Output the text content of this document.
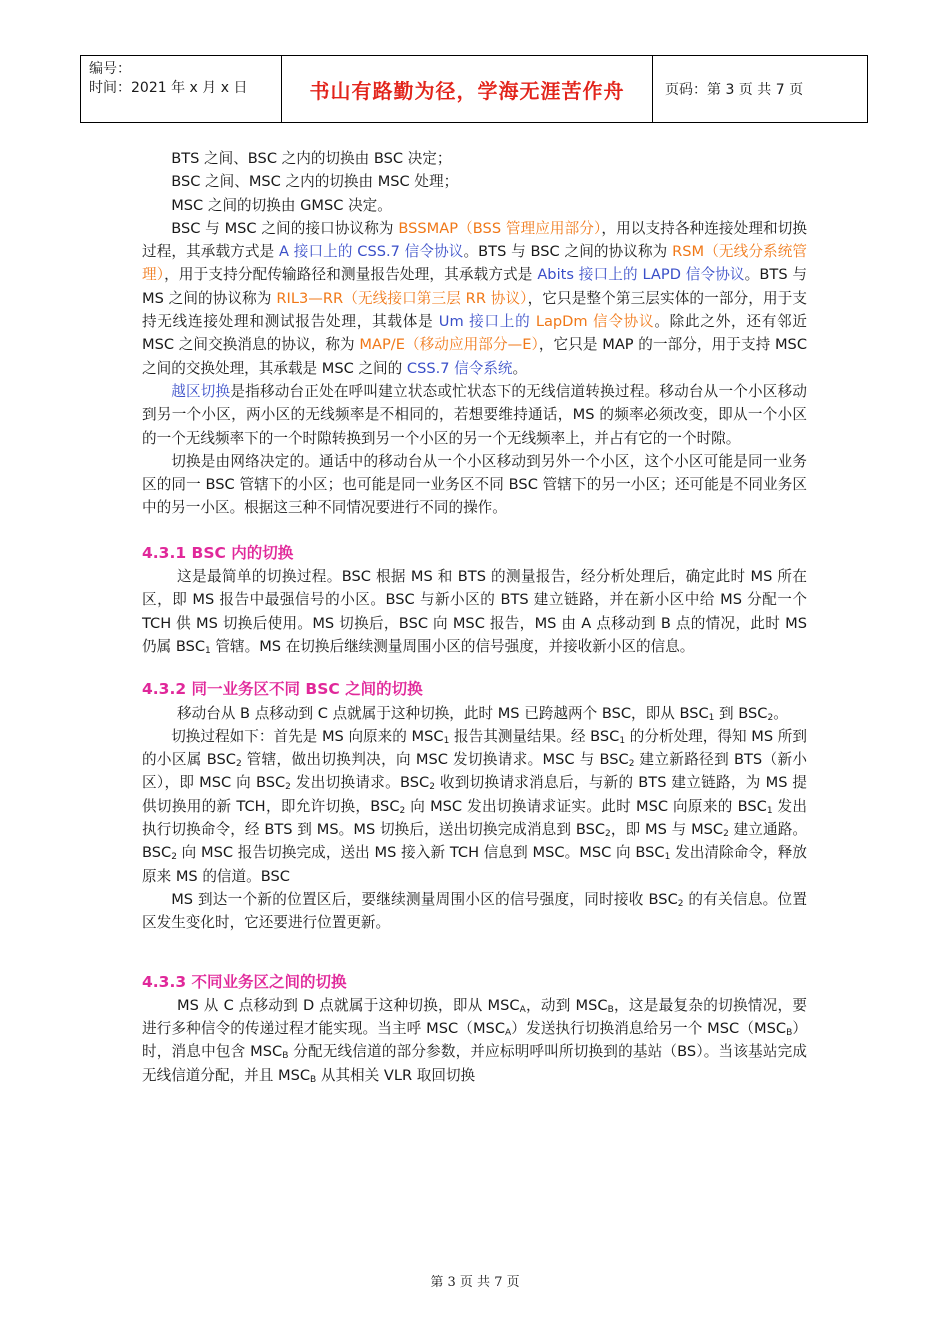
编号：
时间：2021 年 x 月 x 日	书山有路勤为径，学海无涯苦作舟	页码：第 3 页 共 7 页

BTS 之间、BSC 之内的切换由 BSC 决定；

BSC 之间、MSC 之内的切换由 MSC 处理；

MSC 之间的切换由 GMSC 决定。

BSC 与 MSC 之间的接口协议称为 BSSMAP（BSS 管理应用部分），用以支持各种连接处理和切换过程，其承载方式是 A 接口上的 CSS.7 信令协议。BTS 与 BSC 之间的协议称为 RSM（无线分系统管理），用于支持分配传输路径和测量报告处理，其承载方式是 Abits 接口上的 LAPD 信令协议。BTS 与 MS 之间的协议称为 RIL3—RR（无线接口第三层 RR 协议），它只是整个第三层实体的一部分，用于支持无线连接处理和测试报告处理，其载体是 Um 接口上的 LapDm 信令协议。除此之外，还有邻近 MSC 之间交换消息的协议，称为 MAP/E（移动应用部分—E），它只是 MAP 的一部分，用于支持 MSC 之间的交换处理，其承载是 MSC 之间的 CSS.7 信令系统。

越区切换是指移动台正处在呼叫建立状态或忙状态下的无线信道转换过程。移动台从一个小区移动到另一个小区，两小区的无线频率是不相同的，若想要维持通话，MS 的频率必须改变，即从一个小区的一个无线频率下的一个时隙转换到另一个小区的另一个无线频率上，并占有它的一个时隙。

切换是由网络决定的。通话中的移动台从一个小区移动到另外一个小区，这个小区可能是同一业务区的同一 BSC 管辖下的小区；也可能是同一业务区不同 BSC 管辖下的另一小区；还可能是不同业务区中的另一小区。根据这三种不同情况要进行不同的操作。

4.3.1 BSC 内的切换

这是最简单的切换过程。BSC 根据 MS 和 BTS 的测量报告，经分析处理后，确定此时 MS 所在区，即 MS 报告中最强信号的小区。BSC 与新小区的 BTS 建立链路，并在新小区中给 MS 分配一个 TCH 供 MS 切换后使用。MS 切换后，BSC 向 MSC 报告，MS 由 A 点移动到 B 点的情况，此时 MS 仍属 $BSC_1$ 管辖。MS 在切换后继续测量周围小区的信号强度，并接收新小区的信息。

4.3.2 同一业务区不同 BSC 之间的切换

移动台从 B 点移动到 C 点就属于这种切换，此时 MS 已跨越两个 BSC，即从 $BSC_1$ 到 $BSC_2$。

切换过程如下：首先是 MS 向原来的 $MSC_1$ 报告其测量结果。经 $BSC_1$ 的分析处理，得知 MS 所到的小区属 $BSC_2$ 管辖，做出切换判决，向 MSC 发切换请求。MSC 与 $BSC_2$ 建立新路径到 BTS（新小区），即 MSC 向 $BSC_2$ 发出切换请求。$BSC_2$ 收到切换请求消息后，与新的 BTS 建立链路，为 MS 提供切换用的新 TCH，即允许切换，$BSC_2$ 向 MSC 发出切换请求证实。此时 MSC 向原来的 $BSC_1$ 发出执行切换命令，经 BTS 到 MS。MS 切换后，送出切换完成消息到 $BSC_2$，即 MS 与 $MSC_2$ 建立通路。$BSC_2$ 向 MSC 报告切换完成，送出 MS 接入新 TCH 信息到 MSC。MSC 向 $BSC_1$ 发出清除命令，释放原来 MS 的信道。BSC

MS 到达一个新的位置区后，要继续测量周围小区的信号强度，同时接收 $BSC_2$ 的有关信息。位置区发生变化时，它还要进行位置更新。

4.3.3 不同业务区之间的切换

MS 从 C 点移动到 D 点就属于这种切换，即从 $MSC_A$，动到 $MSC_B$，这是最复杂的切换情况，要进行多种信令的传递过程才能实现。当主呼 $MSC(MSC_A)$发送执行切换消息给另一个 $MSC(MSC_B)$时，消息中包含 $MSC_B$ 分配无线信道的部分参数，并应标明呼叫所切换到的基站（BS）。当该基站完成无线信道分配，并且 $MSC_B$ 从其相关 VLR 取回切换

第 3 页 共 7 页
